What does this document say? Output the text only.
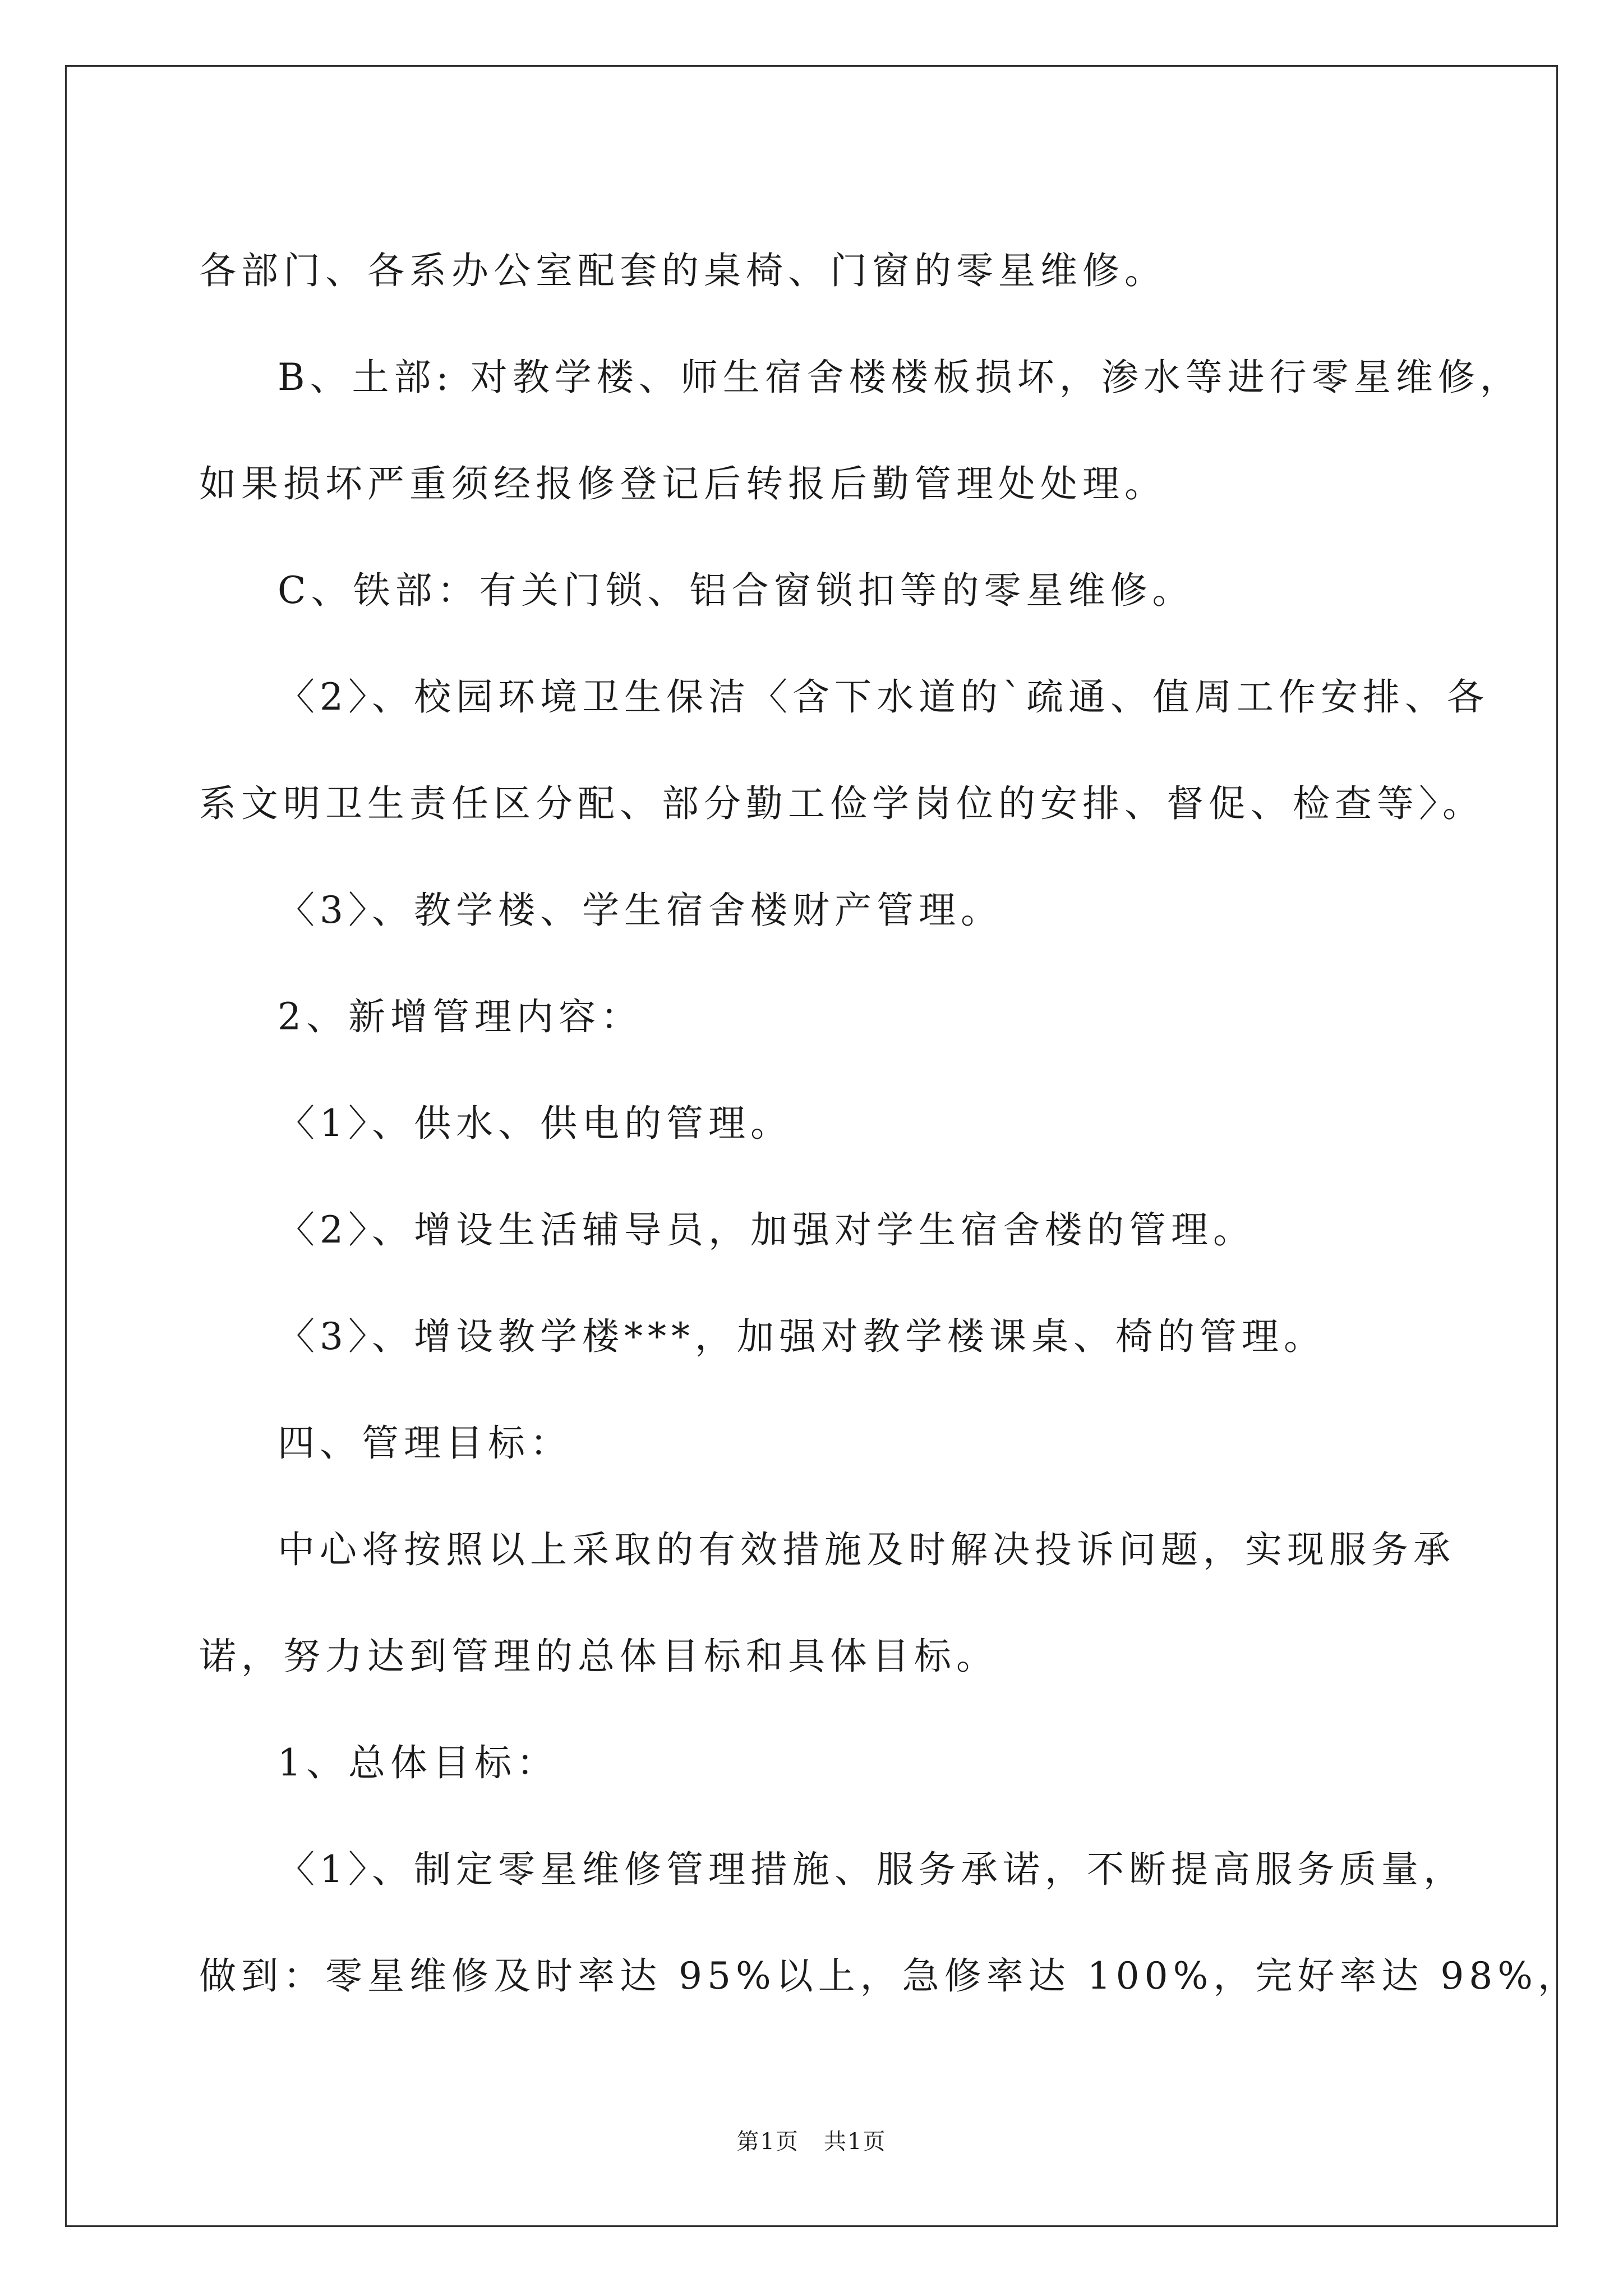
各部门、各系办公室配套的桌椅、门窗的零星维修。

B、土部: 对教学楼、师生宿舍楼楼板损坏，渗水等进行零星维修，

如果损坏严重须经报修登记后转报后勤管理处处理。

C、铁部：有关门锁、铝合窗锁扣等的零星维修。

〈2〉、校园环境卫生保洁〈含下水道的`疏通、值周工作安排、各

系文明卫生责任区分配、部分勤工俭学岗位的安排、督促、检查等〉。

〈3〉、教学楼、学生宿舍楼财产管理。

2、新增管理内容：

〈1〉、供水、供电的管理。

〈2〉、增设生活辅导员，加强对学生宿舍楼的管理。

〈3〉、增设教学楼***，加强对教学楼课桌、椅的管理。

四、管理目标：

中心将按照以上采取的有效措施及时解决投诉问题，实现服务承

诺，努力达到管理的总体目标和具体目标。

1、总体目标：

〈1〉、制定零星维修管理措施、服务承诺，不断提高服务质量，

做到：零星维修及时率达 95%以上，急修率达 100%，完好率达 98%，

第1页   共1页
